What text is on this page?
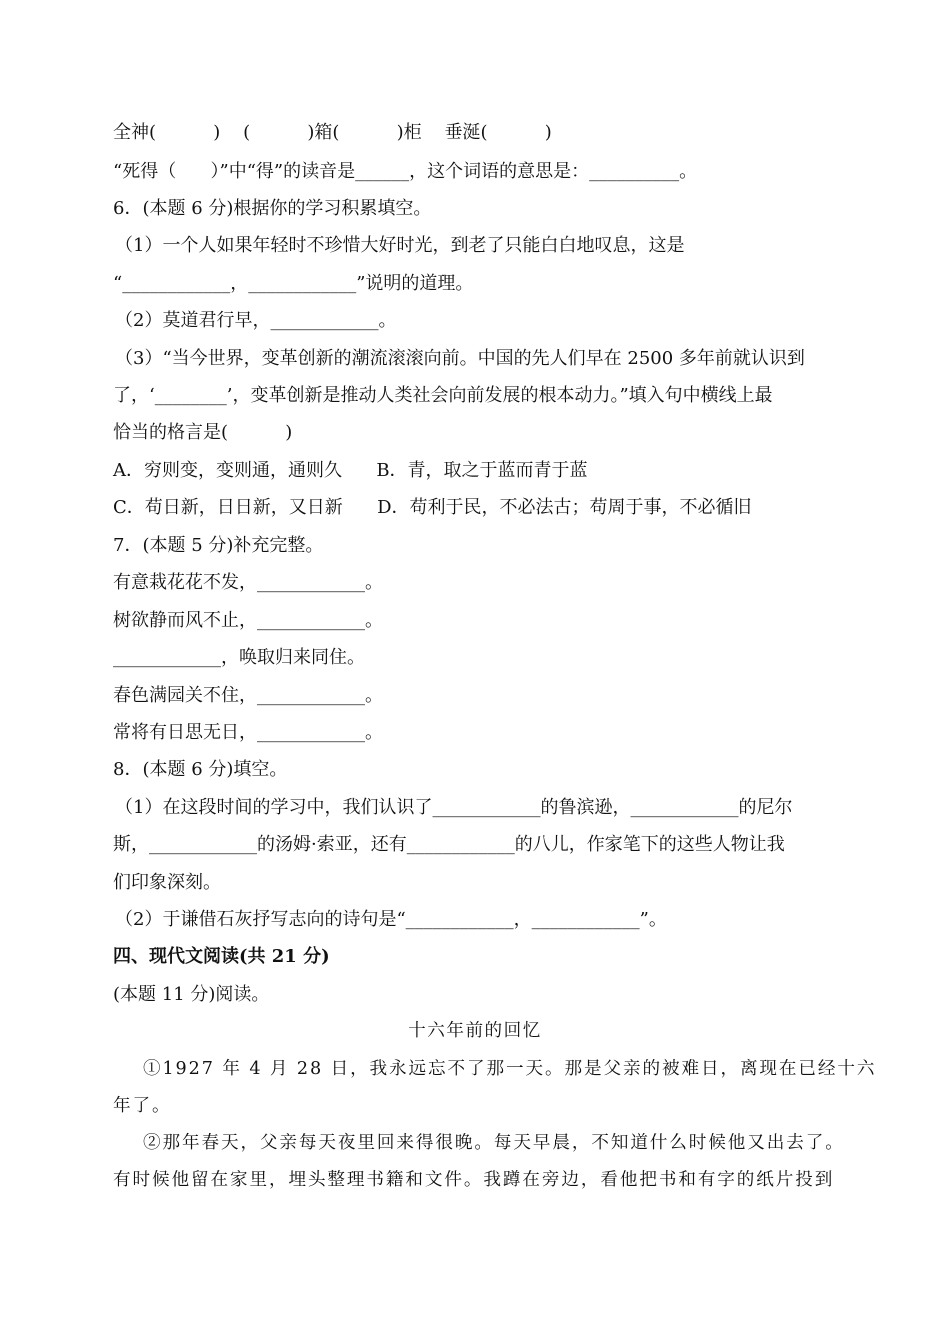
全神(          )    (          )箱(          )柜    垂涎(          )
“死得（      ）”中“得”的读音是______，这个词语的意思是：__________。
6．(本题 6 分)根据你的学习积累填空。
（1）一个人如果年轻时不珍惜大好时光，到老了只能白白地叹息，这是
“____________，____________”说明的道理。
（2）莫道君行早，____________。
（3）“当今世界，变革创新的潮流滚滚向前。中国的先人们早在 2500 多年前就认识到
了，‘________’，变革创新是推动人类社会向前发展的根本动力。”填入句中横线上最
恰当的格言是(          )
A．穷则变，变则通，通则久      B．青，取之于蓝而青于蓝
C．苟日新，日日新，又日新      D．苟利于民，不必法古；苟周于事，不必循旧
7．(本题 5 分)补充完整。
有意栽花花不发，____________。
树欲静而风不止，____________。
____________，唤取归来同住。
春色满园关不住，____________。
常将有日思无日，____________。
8．(本题 6 分)填空。
（1）在这段时间的学习中，我们认识了____________的鲁滨逊，____________的尼尔
斯，____________的汤姆·索亚，还有____________的八儿，作家笔下的这些人物让我
们印象深刻。
（2）于谦借石灰抒写志向的诗句是“____________，____________”。
四、现代文阅读(共 21 分)
(本题 11 分)阅读。
十六年前的回忆
①1927 年 4 月 28 日，我永远忘不了那一天。那是父亲的被难日，离现在已经十六
年了。
②那年春天，父亲每天夜里回来得很晚。每天早晨，不知道什么时候他又出去了。
有时候他留在家里，埋头整理书籍和文件。我蹲在旁边，看他把书和有字的纸片投到
